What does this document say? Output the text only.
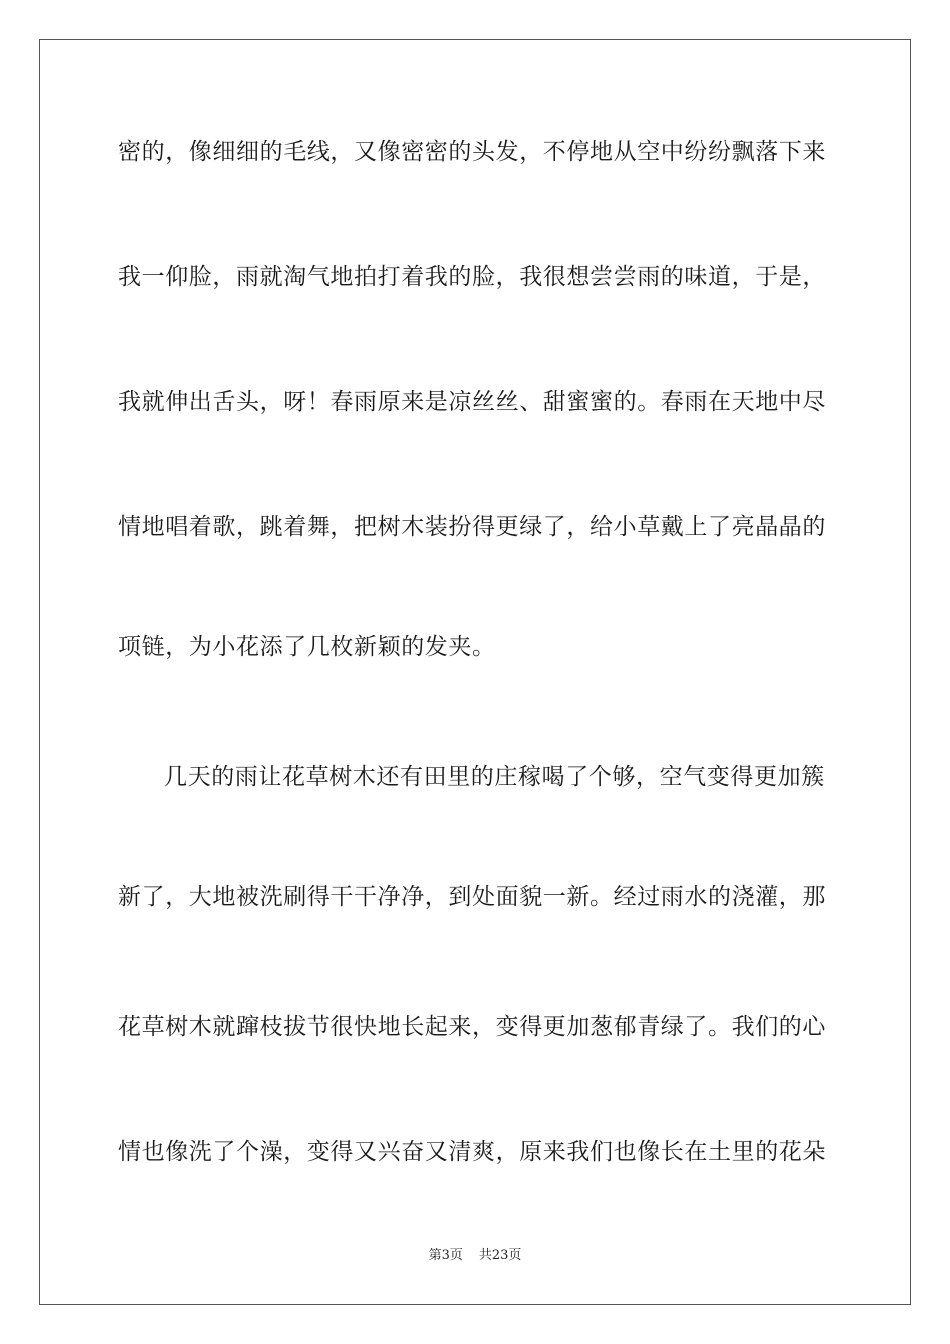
密的，像细细的毛线，又像密密的头发，不停地从空中纷纷飘落下来
我一仰脸，雨就淘气地拍打着我的脸，我很想尝尝雨的味道，于是，
我就伸出舌头，呀！春雨原来是凉丝丝、甜蜜蜜的。春雨在天地中尽
情地唱着歌，跳着舞，把树木装扮得更绿了，给小草戴上了亮晶晶的
项链，为小花添了几枚新颖的发夹。
几天的雨让花草树木还有田里的庄稼喝了个够，空气变得更加簇
新了，大地被洗刷得干干净净，到处面貌一新。经过雨水的浇灌，那
花草树木就蹿枝拔节很快地长起来，变得更加葱郁青绿了。我们的心
情也像洗了个澡，变得又兴奋又清爽，原来我们也像长在土里的花朵
第3页 共23页
